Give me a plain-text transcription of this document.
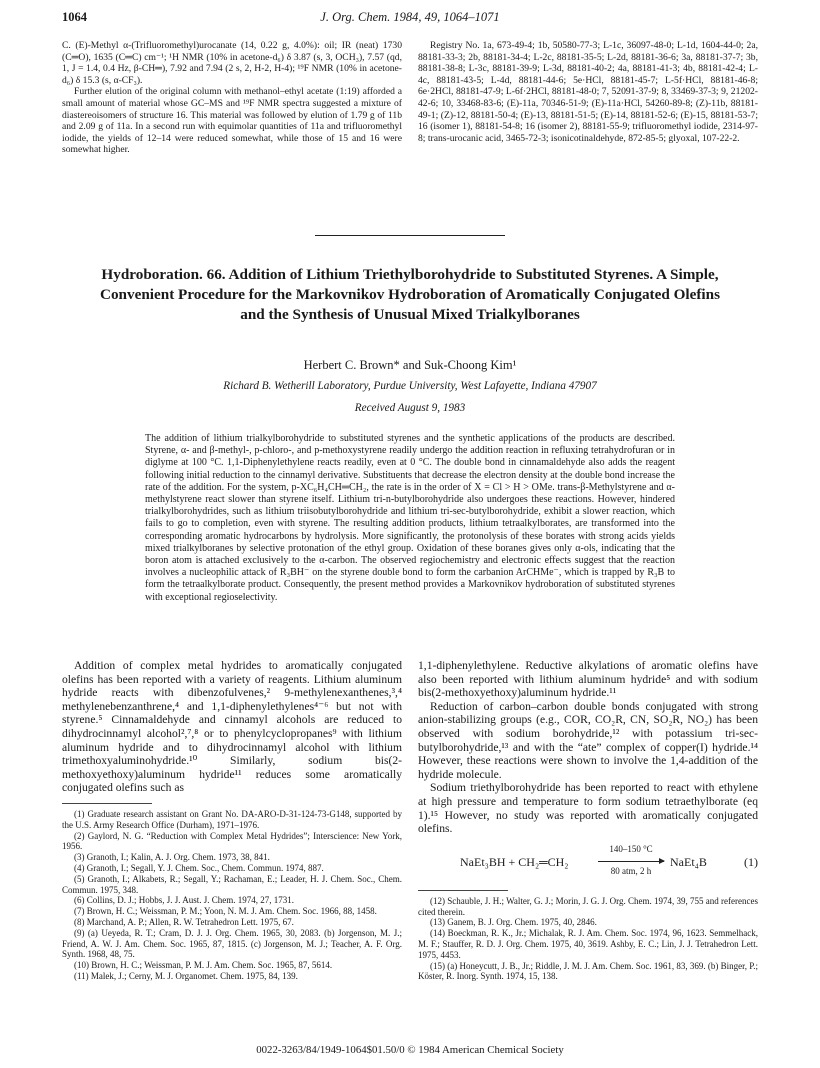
1064	J. Org. Chem. 1984, 49, 1064–1071

C. (E)-Methyl α-(Trifluoromethyl)urocanate (14, 0.22 g, 4.0%): oil; IR (neat) 1730 (C═O), 1635 (C═C) cm⁻¹; ¹H NMR (10% in acetone-d₆) δ 3.87 (s, 3, OCH₃), 7.57 (qd, 1, J = 1.4, 0.4 Hz, β-CH═), 7.92 and 7.94 (2 s, 2, H-2, H-4); ¹⁹F NMR (10% in acetone-d₆) δ 15.3 (s, α-CF₃).

Further elution of the original column with methanol–ethyl acetate (1:19) afforded a small amount of material whose GC–MS and ¹⁹F NMR spectra suggested a mixture of diastereoisomers of structure 16. This material was followed by elution of 1.79 g of 11b and 2.09 g of 11a. In a second run with equimolar quantities of 11a and trifluoromethyl iodide, the yields of 12–14 were reduced somewhat, while those of 15 and 16 were somewhat higher.

Registry No. 1a, 673-49-4; 1b, 50580-77-3; L-1c, 36097-48-0; L-1d, 1604-44-0; 2a, 88181-33-3; 2b, 88181-34-4; L-2c, 88181-35-5; L-2d, 88181-36-6; 3a, 88181-37-7; 3b, 88181-38-8; L-3c, 88181-39-9; L-3d, 88181-40-2; 4a, 88181-41-3; 4b, 88181-42-4; L-4c, 88181-43-5; L-4d, 88181-44-6; 5e·HCl, 88181-45-7; L-5f·HCl, 88181-46-8; 6e·2HCl, 88181-47-9; L-6f·2HCl, 88181-48-0; 7, 52091-37-9; 8, 33469-37-3; 9, 21202-42-6; 10, 33468-83-6; (E)-11a, 70346-51-9; (E)-11a·HCl, 54260-89-8; (Z)-11b, 88181-49-1; (Z)-12, 88181-50-4; (E)-13, 88181-51-5; (E)-14, 88181-52-6; (E)-15, 88181-53-7; 16 (isomer 1), 88181-54-8; 16 (isomer 2), 88181-55-9; trifluoromethyl iodide, 2314-97-8; trans-urocanic acid, 3465-72-3; isonicotinaldehyde, 872-85-5; glyoxal, 107-22-2.

Hydroboration. 66. Addition of Lithium Triethylborohydride to Substituted Styrenes. A Simple, Convenient Procedure for the Markovnikov Hydroboration of Aromatically Conjugated Olefins and the Synthesis of Unusual Mixed Trialkylboranes
Herbert C. Brown* and Suk-Choong Kim¹
Richard B. Wetherill Laboratory, Purdue University, West Lafayette, Indiana 47907
Received August 9, 1983
The addition of lithium trialkylborohydride to substituted styrenes and the synthetic applications of the products are described. Styrene, α- and β-methyl-, p-chloro-, and p-methoxystyrene readily undergo the addition reaction in refluxing tetrahydrofuran or in diglyme at 100 °C. 1,1-Diphenylethylene reacts readily, even at 0 °C. The double bond in cinnamaldehyde also adds the reagent following initial reduction to the cinnamyl derivative. Substituents that decrease the electron density at the double bond increase the rate of the addition. For the system, p-XC₆H₄CH═CH₂, the rate is in the order of X = Cl > H > OMe. trans-β-Methylstyrene and α-methylstyrene react slower than styrene itself. Lithium tri-n-butylborohydride also undergoes these reactions. However, hindered trialkylborohydrides, such as lithium triisobutylborohydride and lithium tri-sec-butylborohydride, exhibit a slower reaction, which fails to go to completion, even with styrene. The resulting addition products, lithium tetraalkylborates, are transformed into the corresponding aromatic hydrocarbons by hydrolysis. More significantly, the protonolysis of these borates with strong acids yields mixed trialkylboranes by selective protonation of the ethyl group. Oxidation of these boranes gives only α-ols, indicating that the boron atom is attached exclusively to the α-carbon. The observed regiochemistry and electronic effects suggest that the reaction involves a nucleophilic attack of R₃BH⁻ on the styrene double bond to form the carbanion ArCHMe⁻, which is trapped by R₃B to form the tetraalkylborate product. Consequently, the present method provides a Markovnikov hydroboration of substituted styrenes with exceptional regioselectivity.

Addition of complex metal hydrides to aromatically conjugated olefins has been reported with a variety of reagents. Lithium aluminum hydride reacts with dibenzofulvenes,² 9-methylenexanthenes,³,⁴ methylenebenzanthrene,⁴ and 1,1-diphenylethylenes⁴⁻⁶ but not with styrene.⁵ Cinnamaldehyde and cinnamyl alcohols are reduced to dihydrocinnamyl alcohol²,⁷,⁸ or to phenylcyclopropanes⁹ with lithium aluminum hydride and to dihydrocinnamyl alcohol with lithium trimethoxyaluminohydride.¹⁰ Similarly, sodium bis(2-methoxyethoxy)aluminum hydride¹¹ reduces some aromatically conjugated olefins such as

(1) Graduate research assistant on Grant No. DA-ARO-D-31-124-73-G148, supported by the U.S. Army Research Office (Durham), 1971–1976.

(2) Gaylord, N. G. “Reduction with Complex Metal Hydrides”; Interscience: New York, 1956.

(3) Granoth, I.; Kalin, A. J. Org. Chem. 1973, 38, 841.

(4) Granoth, I.; Segall, Y. J. Chem. Soc., Chem. Commun. 1974, 887.

(5) Granoth, I.; Alkabets, R.; Segall, Y.; Rachaman, E.; Leader, H. J. Chem. Soc., Chem. Commun. 1975, 348.

(6) Collins, D. J.; Hobbs, J. J. Aust. J. Chem. 1974, 27, 1731.

(7) Brown, H. C.; Weissman, P. M.; Yoon, N. M. J. Am. Chem. Soc. 1966, 88, 1458.

(8) Marchand, A. P.; Allen, R. W. Tetrahedron Lett. 1975, 67.

(9) (a) Ueyeda, R. T.; Cram, D. J. J. Org. Chem. 1965, 30, 2083. (b) Jorgenson, M. J.; Friend, A. W. J. Am. Chem. Soc. 1965, 87, 1815. (c) Jorgenson, M. J.; Teacher, A. F. Org. Synth. 1968, 48, 75.

(10) Brown, H. C.; Weissman, P. M. J. Am. Chem. Soc. 1965, 87, 5614.

(11) Malek, J.; Cerny, M. J. Organomet. Chem. 1975, 84, 139.

1,1-diphenylethylene. Reductive alkylations of aromatic olefins have also been reported with lithium aluminum hydride⁵ and with sodium bis(2-methoxyethoxy)aluminum hydride.¹¹

Reduction of carbon–carbon double bonds conjugated with strong anion-stabilizing groups (e.g., COR, CO₂R, CN, SO₂R, NO₂) has been observed with sodium borohydride,¹² with potassium tri-sec-butylborohydride,¹³ and with the “ate” complex of copper(I) hydride.¹⁴ However, these reactions were shown to involve the 1,4-addition of the hydride molecule.

Sodium triethylborohydride has been reported to react with ethylene at high pressure and temperature to form sodium tetraethylborate (eq 1).¹⁵ However, no study was reported with aromatically conjugated olefins.

NaEt₃BH + CH₂═CH₂
140–150 °C
80 atm, 2 h
NaEt₄B	(1)

(12) Schauble, J. H.; Walter, G. J.; Morin, J. G. J. Org. Chem. 1974, 39, 755 and references cited therein.

(13) Ganem, B. J. Org. Chem. 1975, 40, 2846.

(14) Boeckman, R. K., Jr.; Michalak, R. J. Am. Chem. Soc. 1974, 96, 1623. Semmelhack, M. F.; Stauffer, R. D. J. Org. Chem. 1975, 40, 3619. Ashby, E. C.; Lin, J. J. Tetrahedron Lett. 1975, 4453.

(15) (a) Honeycutt, J. B., Jr.; Riddle, J. M. J. Am. Chem. Soc. 1961, 83, 369. (b) Binger, P.; Köster, R. Inorg. Synth. 1974, 15, 138.

0022-3263/84/1949-1064$01.50/0 © 1984 American Chemical Society
